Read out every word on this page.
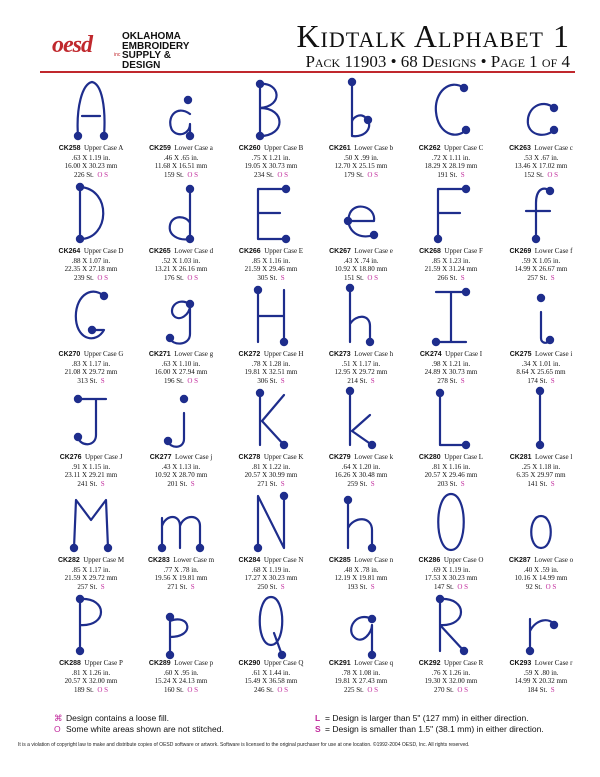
oesd	inc
OKLAHOMA
EMBROIDERY
SUPPLY & DESIGN
Kidtalk Alphabet 1
Pack 11903 • 68 Designs • Page 1 of 4
CK258 Upper Case A
.63 X 1.19 in.
16.00 X 30.23 mm
226 St.  O S
CK259 Lower Case a
.46 X .65 in.
11.68 X 16.51 mm
159 St.  O S
CK260 Upper Case B
.75 X 1.21 in.
19.05 X 30.73 mm
234 St.  O S
CK261 Lower Case b
.50 X .99 in.
12.70 X 25.15 mm
179 St.  O S
CK262 Upper Case C
.72 X 1.11 in.
18.29 X 28.19 mm
191 St.  S
CK263 Lower Case c
.53 X .67 in.
13.46 X 17.02 mm
152 St.  O S
CK264 Upper Case D
.88 X 1.07 in.
22.35 X 27.18 mm
239 St.  O S
CK265 Lower Case d
.52 X 1.03 in.
13.21 X 26.16 mm
176 St.  O S
CK266 Upper Case E
.85 X 1.16 in.
21.59 X 29.46 mm
305 St.  S
CK267 Lower Case e
.43 X .74 in.
10.92 X 18.80 mm
151 St.  O S
CK268 Upper Case F
.85 X 1.23 in.
21.59 X 31.24 mm
266 St.  S
CK269 Lower Case f
.59 X 1.05 in.
14.99 X 26.67 mm
257 St.  S
CK270 Upper Case G
.83 X 1.17 in.
21.08 X 29.72 mm
313 St.  S
CK271 Lower Case g
.63 X 1.10 in.
16.00 X 27.94 mm
196 St.  O S
CK272 Upper Case H
.78 X 1.28 in.
19.81 X 32.51 mm
306 St.  S
CK273 Lower Case h
.51 X 1.17 in.
12.95 X 29.72 mm
214 St.  S
CK274 Upper Case I
.98 X 1.21 in.
24.89 X 30.73 mm
278 St.  S
CK275 Lower Case i
.34 X 1.01 in.
8.64 X 25.65 mm
174 St.  S
CK276 Upper Case J
.91 X 1.15 in.
23.11 X 29.21 mm
241 St.  S
CK277 Lower Case j
.43 X 1.13 in.
10.92 X 28.70 mm
201 St.  S
CK278 Upper Case K
.81 X 1.22 in.
20.57 X 30.99 mm
271 St.  S
CK279 Lower Case k
.64 X 1.20 in.
16.26 X 30.48 mm
259 St.  S
CK280 Upper Case L
.81 X 1.16 in.
20.57 X 29.46 mm
203 St.  S
CK281 Lower Case l
.25 X 1.18 in.
6.35 X 29.97 mm
141 St.  S
CK282 Upper Case M
.85 X 1.17 in.
21.59 X 29.72 mm
257 St.  S
CK283 Lower Case m
.77 X .78 in.
19.56 X 19.81 mm
271 St.  S
CK284 Upper Case N
.68 X 1.19 in.
17.27 X 30.23 mm
250 St.  S
CK285 Lower Case n
.48 X .78 in.
12.19 X 19.81 mm
193 St.  S
CK286 Upper Case O
.69 X 1.19 in.
17.53 X 30.23 mm
147 St.  O S
CK287 Lower Case o
.40 X .59 in.
10.16 X 14.99 mm
92 St.  O S
CK288 Upper Case P
.81 X 1.26 in.
20.57 X 32.00 mm
189 St.  O S
CK289 Lower Case p
.60 X .95 in.
15.24 X 24.13 mm
160 St.  O S
CK290 Upper Case Q
.61 X 1.44 in.
15.49 X 36.58 mm
246 St.  O S
CK291 Lower Case q
.78 X 1.08 in.
19.81 X 27.43 mm
225 St.  O S
CK292 Upper Case R
.76 X 1.26 in.
19.30 X 32.00 mm
270 St.  O S
CK293 Lower Case r
.59 X .80 in.
14.99 X 20.32 mm
184 St.  S
⌘ Design contains a loose fill.
O Some white areas shown are not stitched.
L = Design is larger than 5" (127 mm) in either direction.
S = Design is smaller than 1.5" (38.1 mm) in either direction.
It is a violation of copyright law to make and distribute copies of OESD software or artwork. Software is licensed to the original purchaser for use at one location. ©1992-2004 OESD, Inc. All rights reserved.
